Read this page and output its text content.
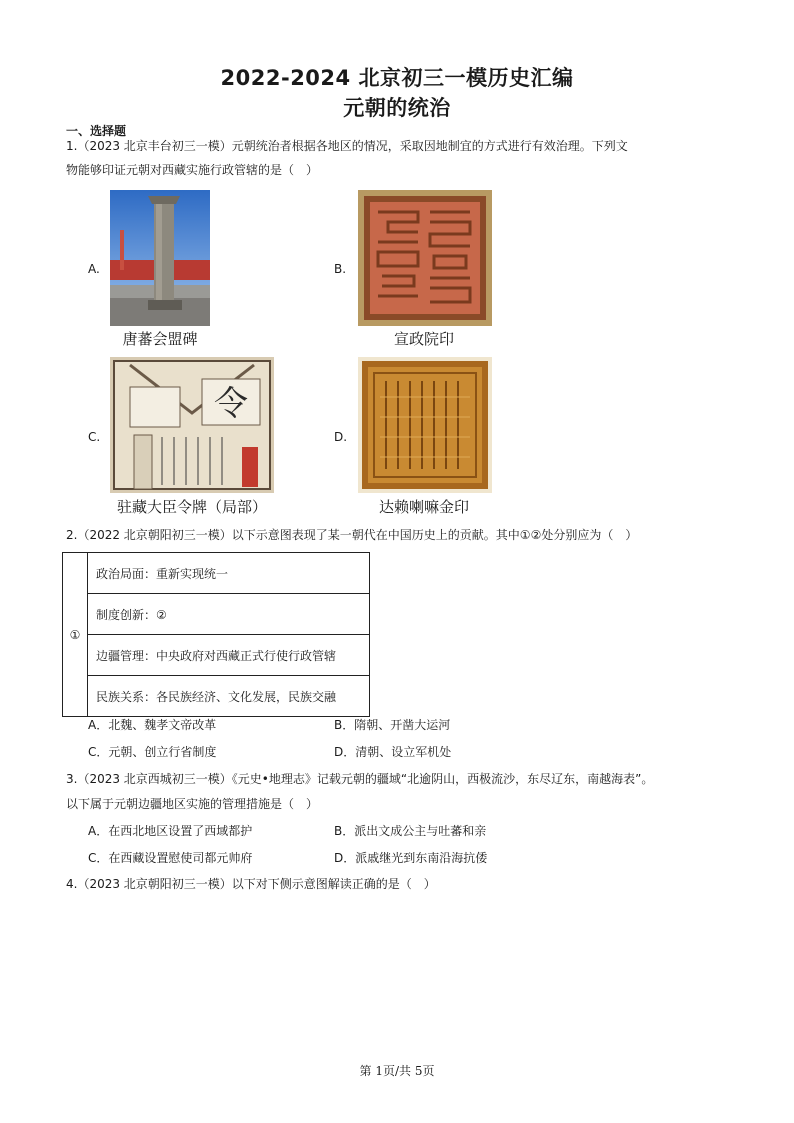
2022-2024 北京初三一模历史汇编
元朝的统治
一、选择题
1.（2023 北京丰台初三一模）元朝统治者根据各地区的情况，采取因地制宜的方式进行有效治理。下列文
物能够印证元朝对西藏实施行政管辖的是（　）
A.
唐蕃会盟碑
B.
宣政院印
C.
令
驻藏大臣令牌（局部）
D.
达赖喇嘛金印
2.（2022 北京朝阳初三一模）以下示意图表现了某一朝代在中国历史上的贡献。其中①②处分别应为（　）
①	政治局面：重新实现统一
制度创新：②
边疆管理：中央政府对西藏正式行使行政管辖
民族关系：各民族经济、文化发展，民族交融
A．北魏、魏孝文帝改革	B．隋朝、开凿大运河
C．元朝、创立行省制度	D．清朝、设立军机处
3.（2023 北京西城初三一模）《元史•地理志》记载元朝的疆域“北逾阴山，西极流沙，东尽辽东，南越海表”。
以下属于元朝边疆地区实施的管理措施是（　）
A．在西北地区设置了西域都护	B．派出文成公主与吐蕃和亲
C．在西藏设置慰使司都元帅府	D．派戚继光到东南沿海抗倭
4.（2023 北京朝阳初三一模）以下对下侧示意图解读正确的是（　）
第 1页/共 5页
